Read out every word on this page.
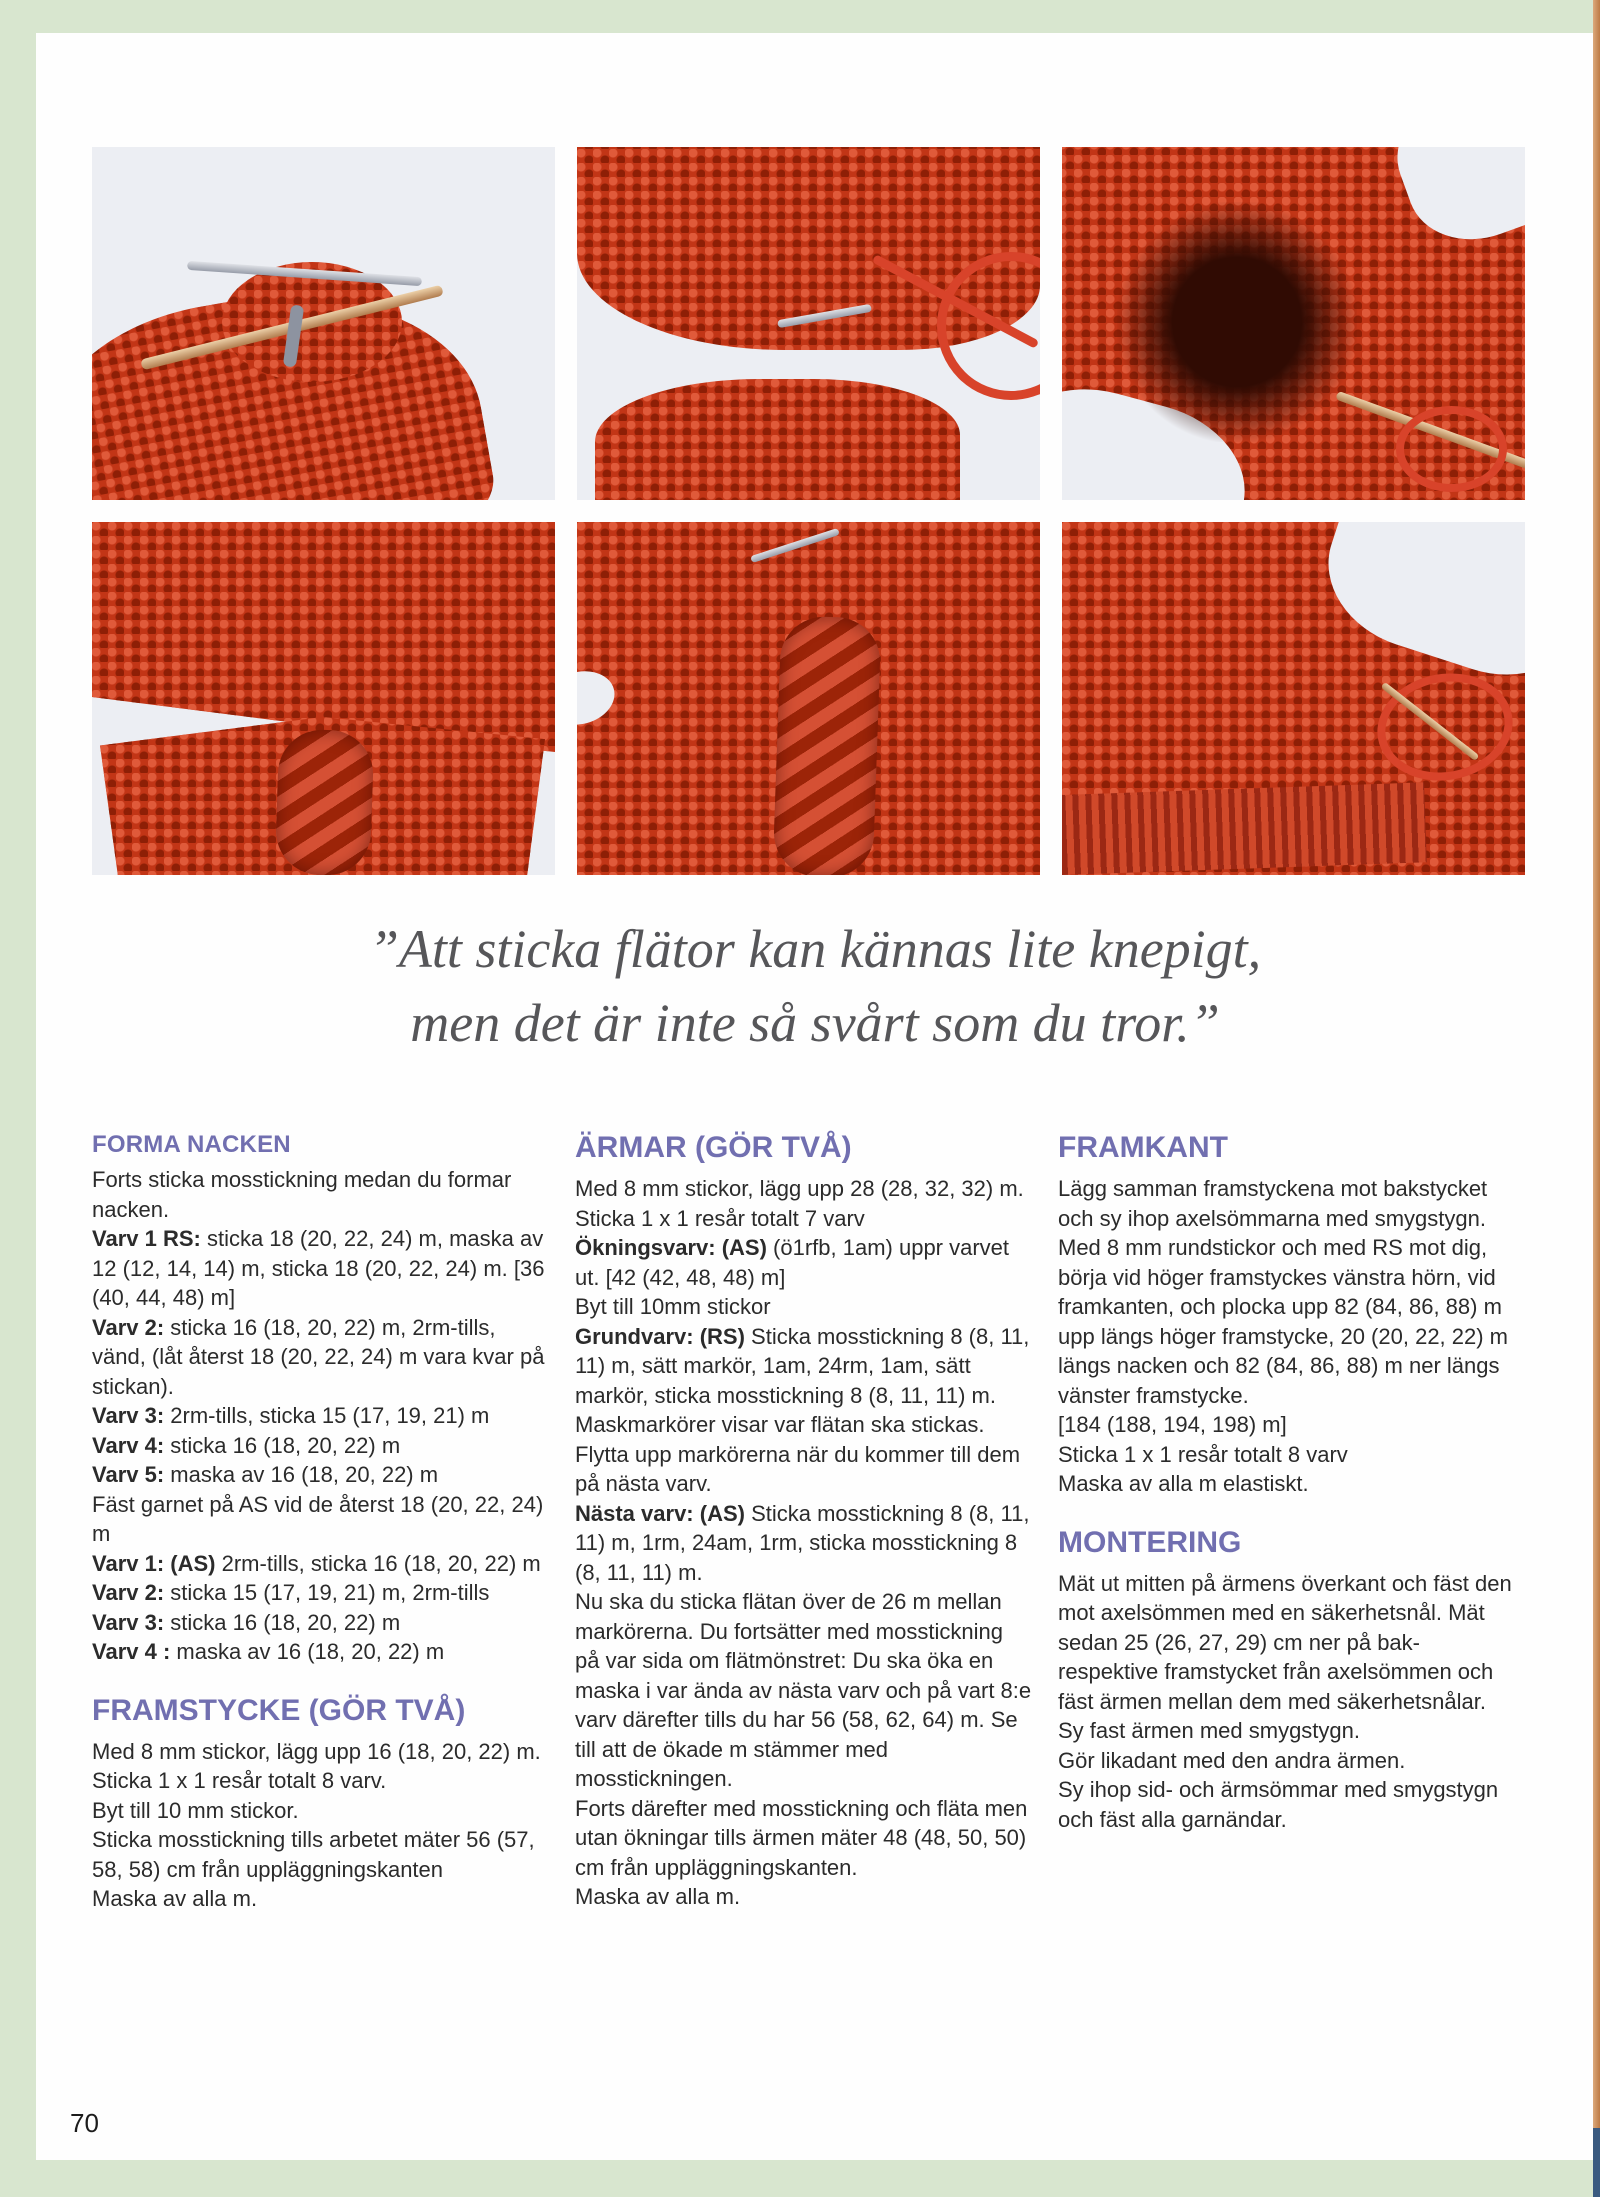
”Att sticka flätor kan kännas lite knepigt,
men det är inte så svårt som du tror.”
FORMA NACKEN

Forts sticka mosstickning medan du formar nacken.

Varv 1 RS: sticka 18 (20, 22, 24) m, maska av 12 (12, 14, 14) m, sticka 18 (20, 22, 24) m. [36 (40, 44, 48) m]

Varv 2: sticka 16 (18, 20, 22) m, 2rm-tills, vänd, (låt återst 18 (20, 22, 24) m vara kvar på stickan).

Varv 3: 2rm-tills, sticka 15 (17, 19, 21) m

Varv 4: sticka 16 (18, 20, 22) m

Varv 5: maska av 16 (18, 20, 22) m

Fäst garnet på AS vid de återst 18 (20, 22, 24) m

Varv 1: (AS) 2rm-tills, sticka 16 (18, 20, 22) m

Varv 2: sticka 15 (17, 19, 21) m, 2rm-tills

Varv 3: sticka 16 (18, 20, 22) m

Varv 4 : maska av 16 (18, 20, 22) m

FRAMSTYCKE (GÖR TVÅ)

Med 8 mm stickor, lägg upp 16 (18, 20, 22) m.

Sticka 1 x 1 resår totalt 8 varv.

Byt till 10 mm stickor.

Sticka mosstickning tills arbetet mäter 56 (57, 58, 58) cm från uppläggningskanten

Maska av alla m.

ÄRMAR (GÖR TVÅ)

Med 8 mm stickor, lägg upp 28 (28, 32, 32) m.

Sticka 1 x 1 resår totalt 7 varv

Ökningsvarv: (AS) (ö1rfb, 1am) uppr varvet ut. [42 (42, 48, 48) m]

Byt till 10mm stickor

Grundvarv: (RS) Sticka mosstickning 8 (8, 11, 11) m, sätt markör, 1am, 24rm, 1am, sätt markör, sticka mosstickning 8 (8, 11, 11) m.

Maskmarkörer visar var flätan ska stickas. Flytta upp markörerna när du kommer till dem på nästa varv.

Nästa varv: (AS) Sticka mosstickning 8 (8, 11, 11) m, 1rm, 24am, 1rm, sticka mosstickning 8 (8, 11, 11) m.

Nu ska du sticka flätan över de 26 m mellan markörerna. Du fortsätter med mosstickning på var sida om flätmönstret: Du ska öka en maska i var ända av nästa varv och på vart 8:e varv därefter tills du har 56 (58, 62, 64) m. Se till att de ökade m stämmer med mosstickningen.

Forts därefter med mosstickning och fläta men utan ökningar tills ärmen mäter 48 (48, 50, 50) cm från uppläggningskanten.

Maska av alla m.

FRAMKANT

Lägg samman framstyckena mot bakstycket och sy ihop axelsömmarna med smygstygn.

Med 8 mm rundstickor och med RS mot dig, börja vid höger framstyckes vänstra hörn, vid framkanten, och plocka upp 82 (84, 86, 88) m upp längs höger framstycke, 20 (20, 22, 22) m längs nacken och 82 (84, 86, 88) m ner längs vänster framstycke.

[184 (188, 194, 198) m]

Sticka 1 x 1 resår totalt 8 varv

Maska av alla m elastiskt.

MONTERING

Mät ut mitten på ärmens överkant och fäst den mot axelsömmen med en säkerhetsnål. Mät sedan 25 (26, 27, 29) cm ner på bak- respektive framstycket från axelsömmen och fäst ärmen mellan dem med säkerhetsnålar.

Sy fast ärmen med smygstygn.

Gör likadant med den andra ärmen.

Sy ihop sid- och ärmsömmar med smygstygn och fäst alla garnändar.

70
